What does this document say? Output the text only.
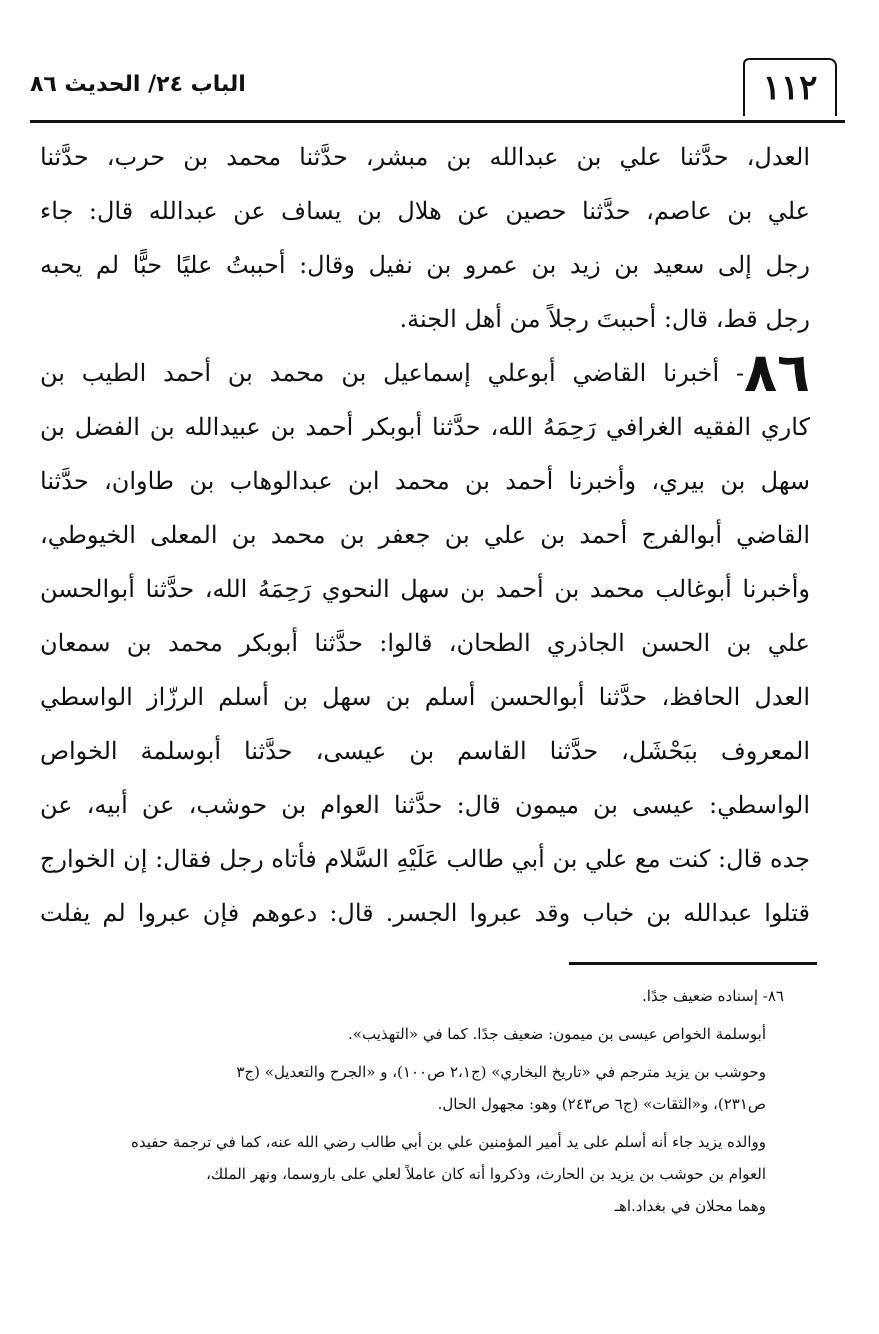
١١٢
الباب ٢٤/ الحديث ٨٦
العدل، حدَّثنا علي بن عبدالله بن مبشر، حدَّثنا محمد بن حرب، حدَّثنا
علي بن عاصم، حدَّثنا حصين عن هلال بن يساف عن عبدالله قال: جاء
رجل إلى سعيد بن زيد بن عمرو بن نفيل وقال: أحببتُ عليًا حبًّا لم يحبه
رجل قط، قال: أحببتَ رجلاً من أهل الجنة.
٨٦- أخبرنا القاضي أبوعلي إسماعيل بن محمد بن أحمد الطيب بن
كاري الفقيه الغرافي رَحِمَهُ الله، حدَّثنا أبوبكر أحمد بن عبيدالله بن الفضل بن
سهل بن بيري، وأخبرنا أحمد بن محمد ابن عبدالوهاب بن طاوان، حدَّثنا
القاضي أبوالفرج أحمد بن علي بن جعفر بن محمد بن المعلى الخيوطي،
وأخبرنا أبوغالب محمد بن أحمد بن سهل النحوي رَحِمَهُ الله، حدَّثنا أبوالحسن
علي بن الحسن الجاذري الطحان، قالوا: حدَّثنا أبوبكر محمد بن سمعان
العدل الحافظ، حدَّثنا أبوالحسن أسلم بن سهل بن أسلم الرزّاز الواسطي
المعروف ببَحْشَل، حدَّثنا القاسم بن عيسى، حدَّثنا أبوسلمة الخواص
الواسطي: عيسى بن ميمون قال: حدَّثنا العوام بن حوشب، عن أبيه، عن
جده قال: كنت مع علي بن أبي طالب عَلَيْهِ السَّلام فأتاه رجل فقال: إن الخوارج
قتلوا عبدالله بن خباب وقد عبروا الجسر. قال: دعوهم فإن عبروا لم يفلت
٨٦- إسناده ضعيف جدًا.
أبوسلمة الخواص عيسى بن ميمون: ضعيف جدًا. كما في «التهذيب».
وحوشب بن يزيد مترجم في «تاريخ البخاري» (ج٢،١ ص١٠٠)، و «الجرح والتعديل» (ج٣
ص٢٣١)، و«الثقات» (ج٦ ص٢٤٣) وهو: مجهول الحال.
ووالده يزيد جاء أنه أسلم على يد أمير المؤمنين علي بن أبي طالب رضي الله عنه، كما في ترجمة حفيده
العوام بن حوشب بن يزيد بن الحارث، وذكروا أنه كان عاملاً لعلي على باروسما، ونهر الملك،
وهما محلان في بغداد.اهـ
